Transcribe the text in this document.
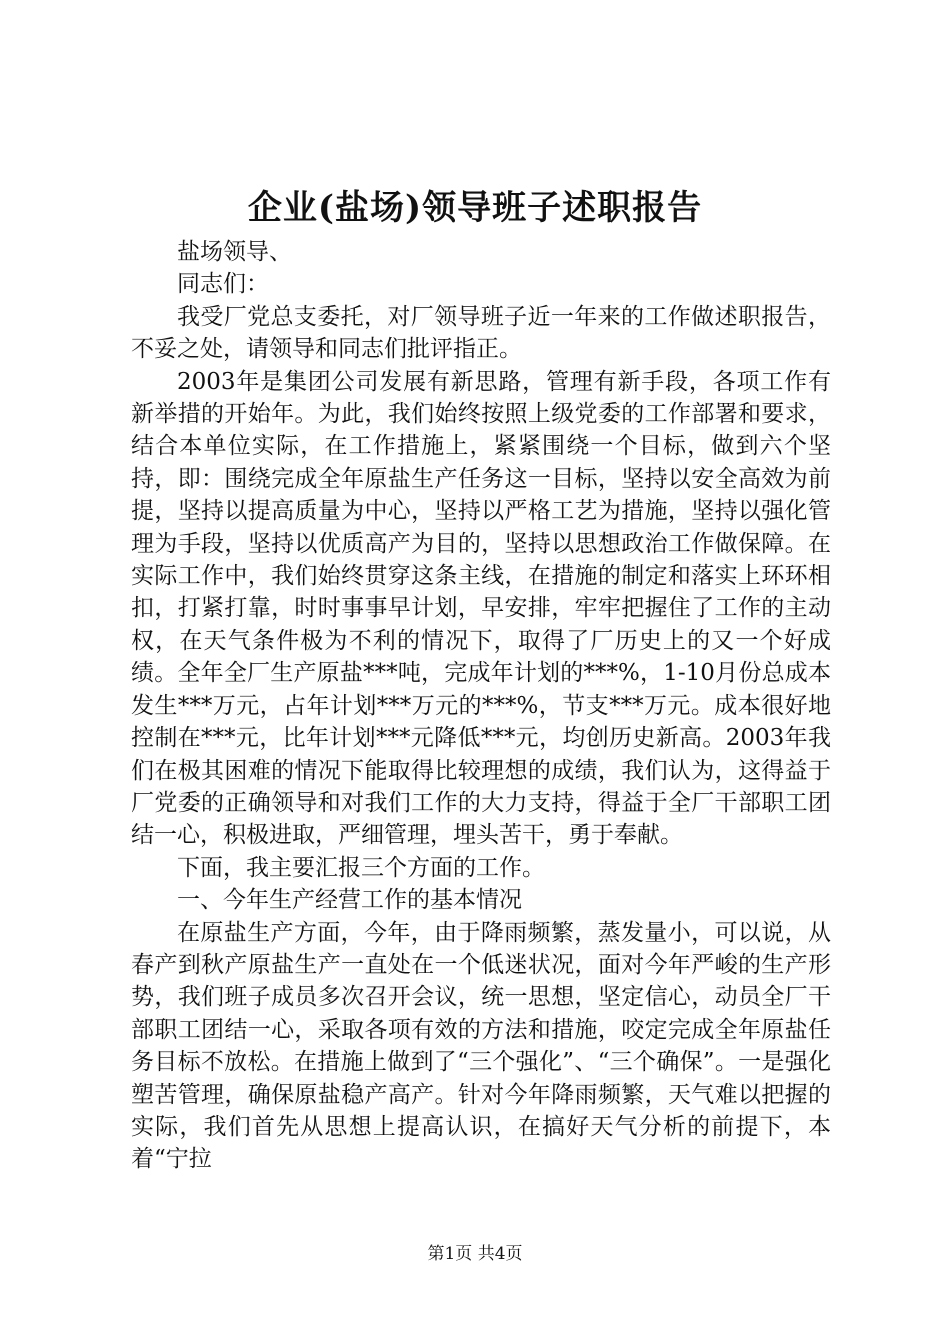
企业(盐场)领导班子述职报告

盐场领导、

同志们：

我受厂党总支委托，对厂领导班子近一年来的工作做述职报告，不妥之处，请领导和同志们批评指正。

2003年是集团公司发展有新思路，管理有新手段，各项工作有新举措的开始年。为此，我们始终按照上级党委的工作部署和要求，结合本单位实际，在工作措施上，紧紧围绕一个目标，做到六个坚持，即：围绕完成全年原盐生产任务这一目标，坚持以安全高效为前提，坚持以提高质量为中心，坚持以严格工艺为措施，坚持以强化管理为手段，坚持以优质高产为目的，坚持以思想政治工作做保障。在实际工作中，我们始终贯穿这条主线，在措施的制定和落实上环环相扣，打紧打靠，时时事事早计划，早安排，牢牢把握住了工作的主动权，在天气条件极为不利的情况下，取得了厂历史上的又一个好成绩。全年全厂生产原盐***吨，完成年计划的***%，1-10月份总成本发生***万元，占年计划***万元的***%，节支***万元。成本很好地控制在***元，比年计划***元降低***元，均创历史新高。2003年我们在极其困难的情况下能取得比较理想的成绩，我们认为，这得益于厂党委的正确领导和对我们工作的大力支持，得益于全厂干部职工团结一心，积极进取，严细管理，埋头苦干，勇于奉献。

下面，我主要汇报三个方面的工作。

一、今年生产经营工作的基本情况

在原盐生产方面，今年，由于降雨频繁，蒸发量小，可以说，从春产到秋产原盐生产一直处在一个低迷状况，面对今年严峻的生产形势，我们班子成员多次召开会议，统一思想，坚定信心，动员全厂干部职工团结一心，采取各项有效的方法和措施，咬定完成全年原盐任务目标不放松。在措施上做到了“三个强化”、“三个确保”。一是强化塑苦管理，确保原盐稳产高产。针对今年降雨频繁，天气难以把握的实际，我们首先从思想上提高认识，在搞好天气分析的前提下，本着“宁拉

第1页 共4页
